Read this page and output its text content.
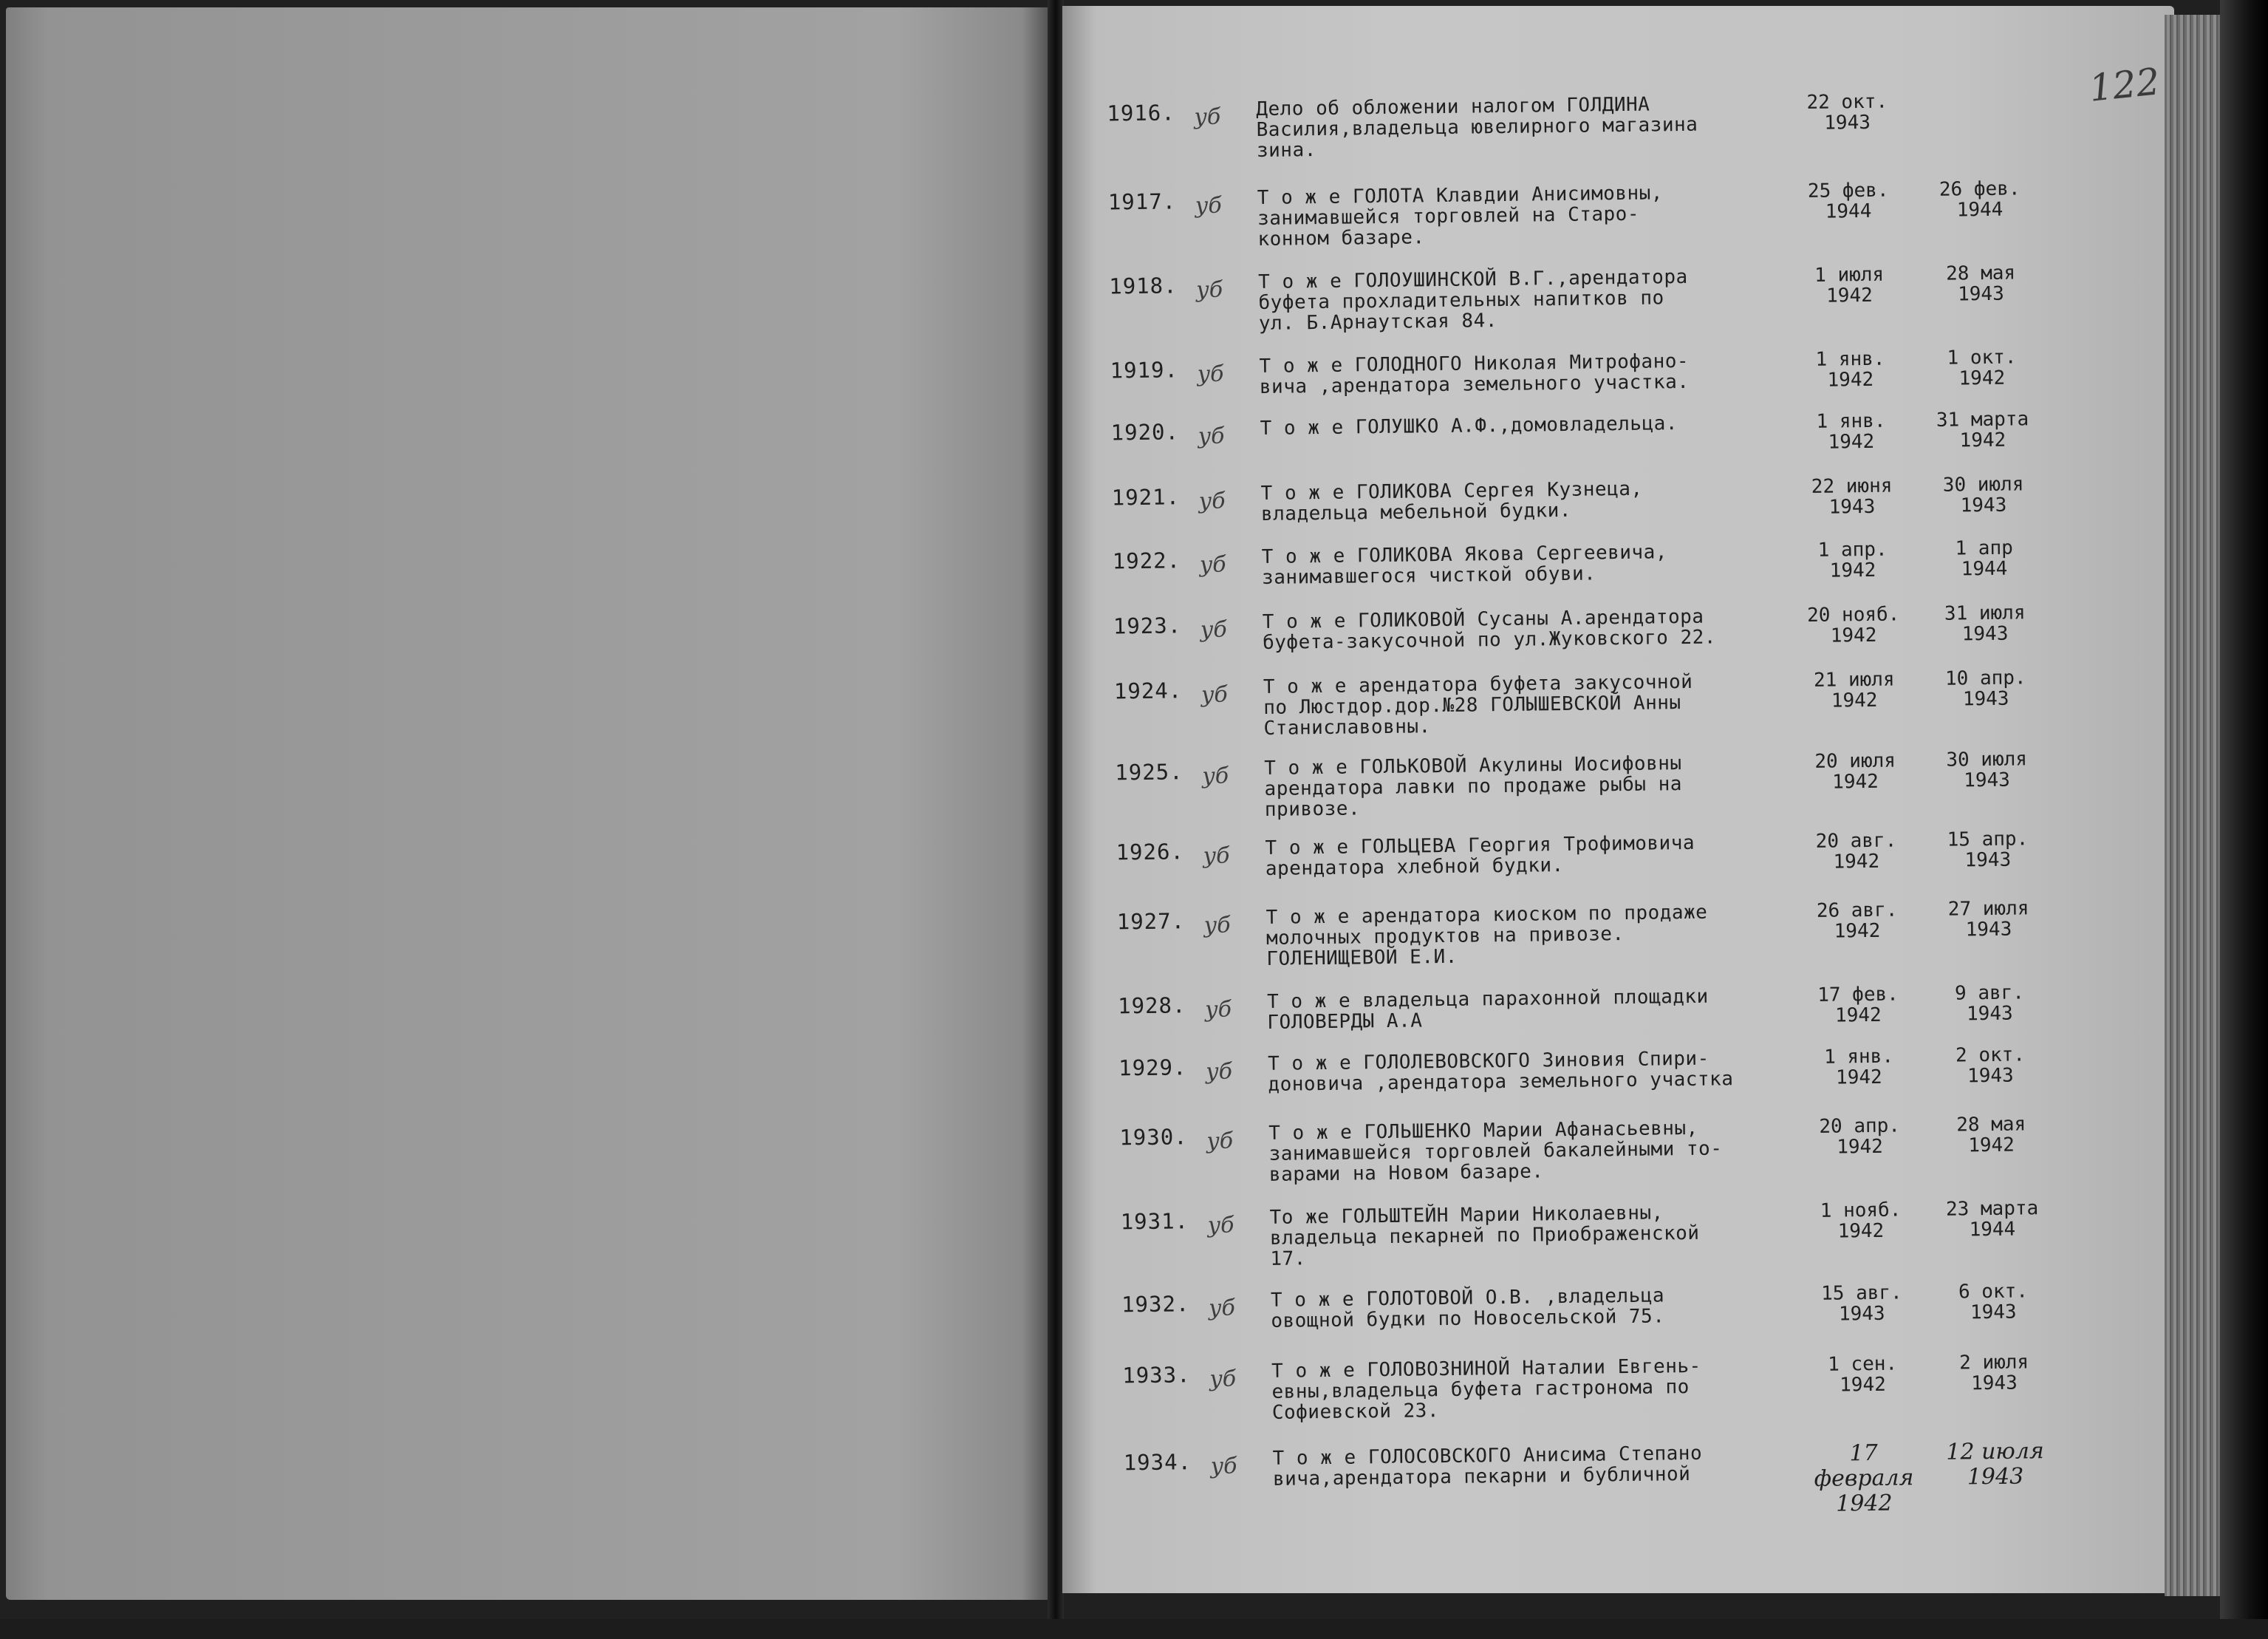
122
1916. уб Дело об обложении налогом ГОЛДИНА
Василия,владельца ювелирного магазина
зина.
22 окт.
1943
1917. уб Т о ж е ГОЛОТА Клавдии Анисимовны,
занимавшейся торговлей на Старо-
конном базаре.
25 фев.
1944
26 фев.
1944
1918. уб Т о ж е ГОЛОУШИНСКОЙ В.Г.,арендатора
буфета прохладительных напитков по
ул. Б.Арнаутская 84.
1 июля
1942
28 мая
1943
1919. уб Т о ж е ГОЛОДНОГО Николая Митрофано-
вича ,арендатора земельного участка.
1 янв.
1942
1 окт.
1942
1920. уб Т о ж е ГОЛУШКО А.Ф.,домовладельца.	1 янв.
1942
31 марта
1942
1921. уб Т о ж е ГОЛИКОВА Сергея Кузнеца,
владельца мебельной будки.
22 июня
1943
30 июля
1943
1922. уб Т о ж е ГОЛИКОВА Якова Сергеевича,
занимавшегося чисткой обуви.
1 апр.
1942
1 апр
1944
1923. уб Т о ж е ГОЛИКОВОЙ Сусаны А.арендатора
буфета-закусочной по ул.Жуковского 22.
20 нояб.
1942
31 июля
1943
1924. уб Т о ж е арендатора буфета закусочной
по Люстдор.дор.№28 ГОЛЫШЕВСКОЙ Анны
Станиславовны.
21 июля
1942
10 апр.
1943
1925. уб Т о ж е ГОЛЬКОВОЙ Акулины Иосифовны
арендатора лавки по продаже рыбы на
привозе.
20 июля
1942
30 июля
1943
1926. уб Т о ж е ГОЛЬЦЕВА Георгия Трофимовича
арендатора хлебной будки.
20 авг.
1942
15 апр.
1943
1927. уб Т о ж е арендатора киоском по продаже
молочных продуктов на привозе.
ГОЛЕНИЩЕВОЙ Е.И.
26 авг.
1942
27 июля
1943
1928. уб Т о ж е владельца парахонной площадки
ГОЛОВЕРДЫ А.А
17 фев.
1942
9 авг.
1943
1929. уб Т о ж е ГОЛОЛЕВОВСКОГО Зиновия Спири-
доновича ,арендатора земельного участка
1 янв.
1942
2 окт.
1943
1930. уб Т о ж е ГОЛЬШЕНКО Марии Афанасьевны,
занимавшейся торговлей бакалейными то-
варами на Новом базаре.
20 апр.
1942
28 мая
1942
1931. уб То же ГОЛЬШТЕЙН Марии Николаевны,
владельца пекарней по Приображенской
17.
1 нояб.
1942
23 марта
1944
1932. уб Т о ж е ГОЛОТОВОЙ О.В. ,владельца
овощной будки по Новосельской 75.
15 авг.
1943
6 окт.
1943
1933. уб Т о ж е ГОЛОВОЗНИНОЙ Наталии Евгень-
евны,владельца буфета гастронома по
Софиевской 23.
1 сен.
1942
2 июля
1943
1934. уб Т о ж е ГОЛОСОВСКОГО Анисима Степано
вича,арендатора пекарни и бубличной
17 февраля
1942
12 июля
1943
